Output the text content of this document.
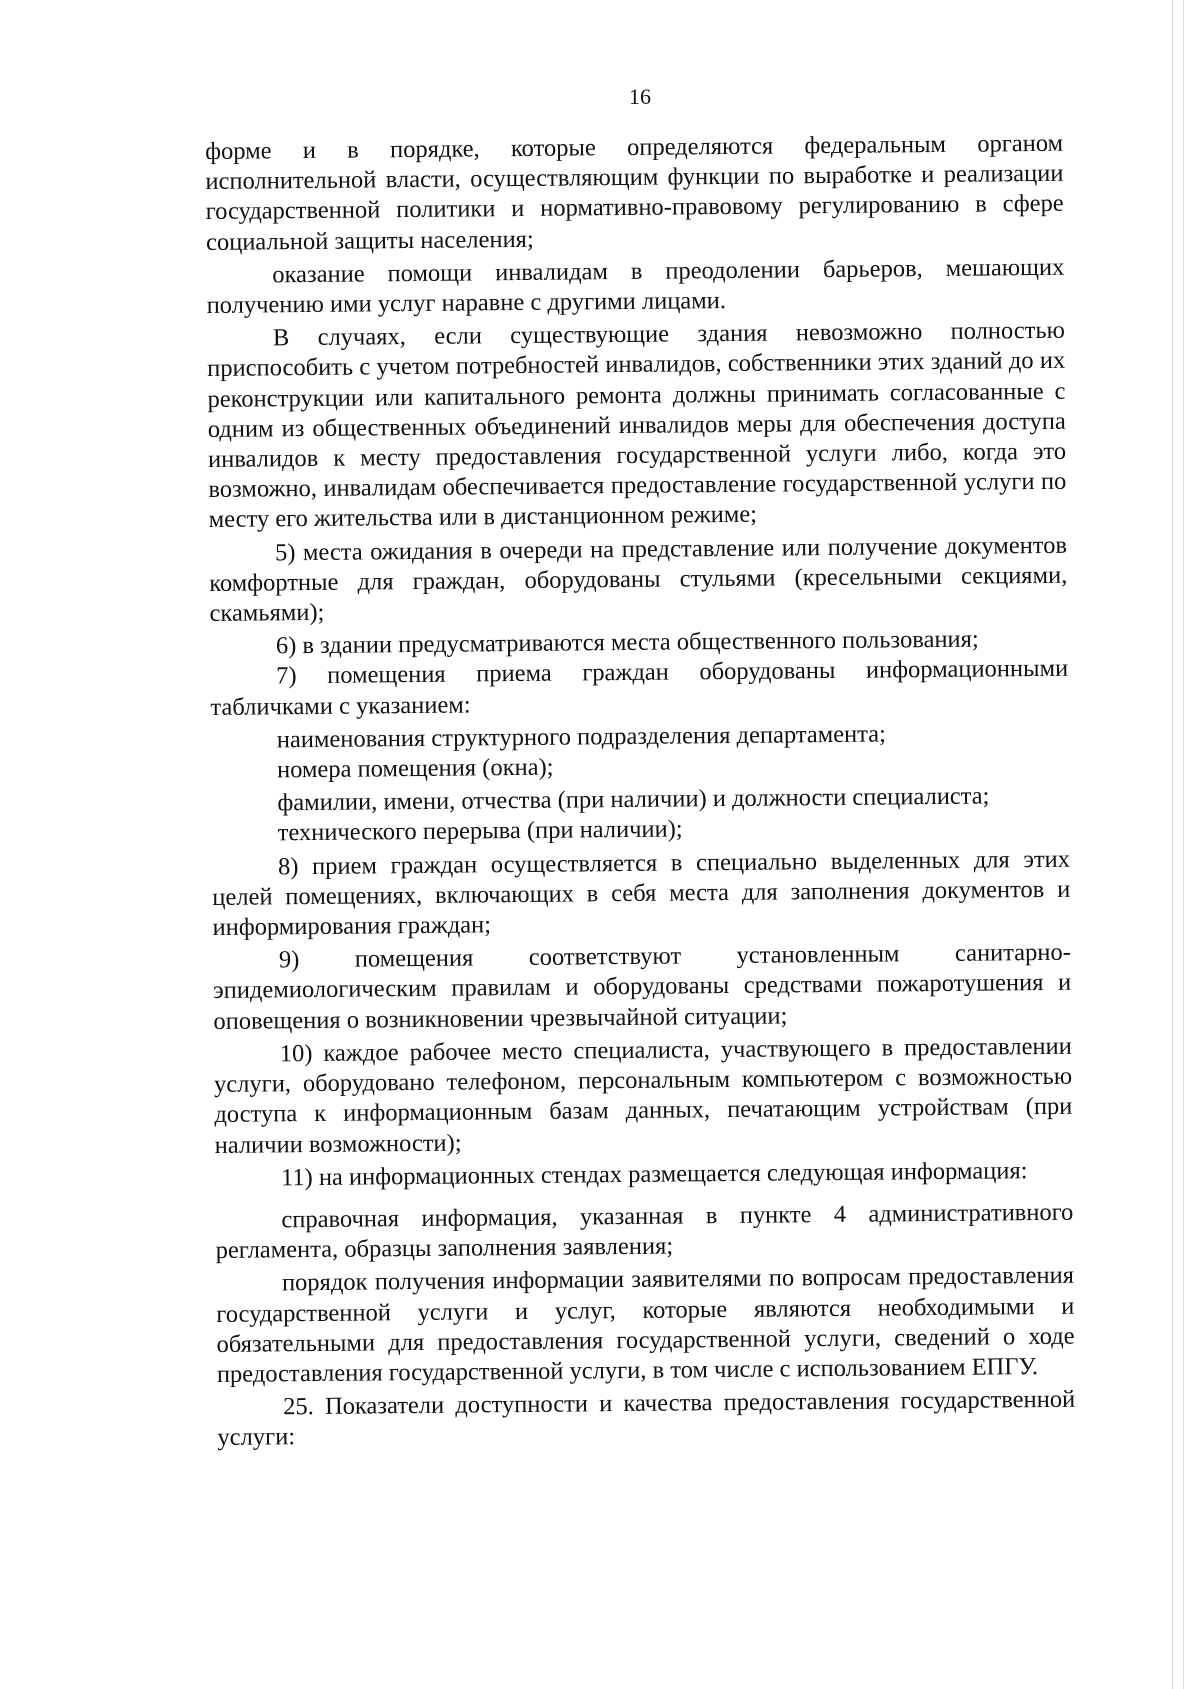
16

форме и в порядке, которые определяются федеральным органом исполнительной власти, осуществляющим функции по выработке и реализации государственной политики и нормативно-правовому регулированию в сфере социальной защиты населения;

оказание помощи инвалидам в преодолении барьеров, мешающих получению ими услуг наравне с другими лицами.

В случаях, если существующие здания невозможно полностью приспособить с учетом потребностей инвалидов, собственники этих зданий до их реконструкции или капитального ремонта должны принимать согласованные с одним из общественных объединений инвалидов меры для обеспечения доступа инвалидов к месту предоставления государственной услуги либо, когда это возможно, инвалидам обеспечивается предоставление государственной услуги по месту его жительства или в дистанционном режиме;

5) места ожидания в очереди на представление или получение документов комфортные для граждан, оборудованы стульями (кресельными секциями, скамьями);

6) в здании предусматриваются места общественного пользования;

7) помещения приема граждан оборудованы информационными табличками с указанием:

наименования структурного подразделения департамента;

номера помещения (окна);

фамилии, имени, отчества (при наличии) и должности специалиста;

технического перерыва (при наличии);

8) прием граждан осуществляется в специально выделенных для этих целей помещениях, включающих в себя места для заполнения документов и информирования граждан;

9) помещения соответствуют установленным санитарно-эпидемиологическим правилам и оборудованы средствами пожаротушения и оповещения о возникновении чрезвычайной ситуации;

10) каждое рабочее место специалиста, участвующего в предоставлении услуги, оборудовано телефоном, персональным компьютером с возможностью доступа к информационным базам данных, печатающим устройствам (при наличии возможности);

11) на информационных стендах размещается следующая информация:

справочная информация, указанная в пункте 4 административного регламента, образцы заполнения заявления;

порядок получения информации заявителями по вопросам предоставления государственной услуги и услуг, которые являются необходимыми и обязательными для предоставления государственной услуги, сведений о ходе предоставления государственной услуги, в том числе с использованием ЕПГУ.

25. Показатели доступности и качества предоставления государственной услуги:
